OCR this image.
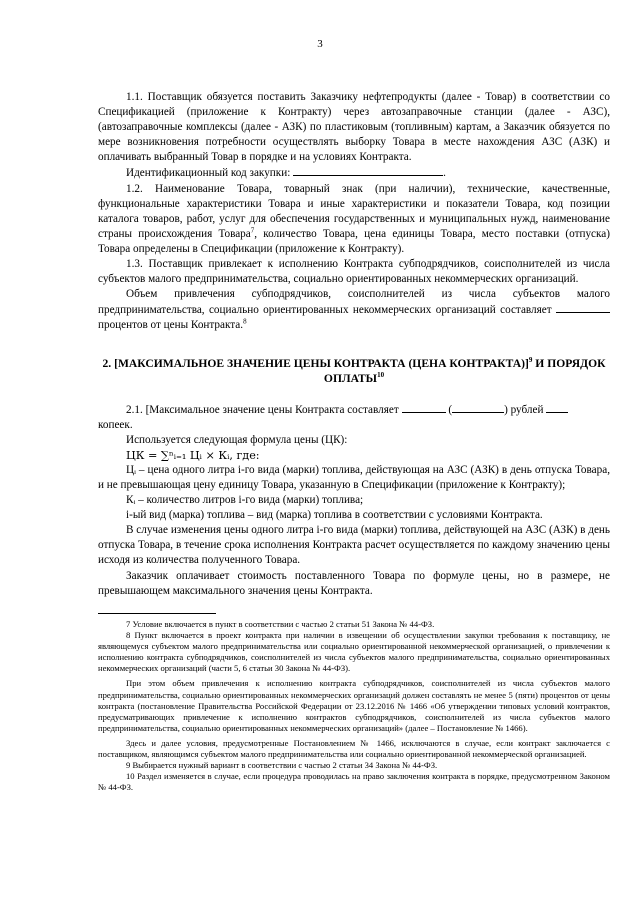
3

1.1. Поставщик обязуется поставить Заказчику нефтепродукты (далее - Товар) в соответствии со Спецификацией (приложение к Контракту) через автозаправочные станции (далее - АЗС), (автозаправочные комплексы (далее - АЗК) по пластиковым (топливным) картам, а Заказчик обязуется по мере возникновения потребности осуществлять выборку Товара в месте нахождения АЗС (АЗК) и оплачивать выбранный Товар в порядке и на условиях Контракта.

Идентификационный код закупки:	.

1.2. Наименование Товара, товарный знак (при наличии), технические, качественные, функциональные характеристики Товара и иные характеристики и показатели Товара, код позиции каталога товаров, работ, услуг для обеспечения государственных и муниципальных нужд, наименование страны происхождения Товара$^7$, количество Товара, цена единицы Товара, место поставки (отпуска) Товара определены в Спецификации (приложение к Контракту).

1.3. Поставщик привлекает к исполнению Контракта субподрядчиков, соисполнителей из числа субъектов малого предпринимательства, социально ориентированных некоммерческих организаций.

Объем привлечения субподрядчиков, соисполнителей из числа субъектов малого предпринимательства, социально ориентированных некоммерческих организаций составляет  процентов от цены Контракта.$^8$

2. [МАКСИМАЛЬНОЕ ЗНАЧЕНИЕ ЦЕНЫ КОНТРАКТА (ЦЕНА КОНТРАКТА)]$^9$ И ПОРЯДОК ОПЛАТЫ$^{10}$

2.1. [Максимальное значение цены Контракта составляет	(	) рублей

копеек.

Используется следующая формула цены (ЦК):

ЦК = ∑ⁿᵢ₌₁ Цᵢ × Кᵢ, где:

Цᵢ – цена одного литра i-го вида (марки) топлива, действующая на АЗС (АЗК) в день отпуска Товара, и не превышающая цену единицу Товара, указанную в Спецификации (приложение к Контракту);

Кᵢ – количество литров i-го вида (марки) топлива;

i-ый вид (марка) топлива – вид (марка) топлива в соответствии с условиями Контракта.

В случае изменения цены одного литра i-го вида (марки) топлива, действующей на АЗС (АЗК) в день отпуска Товара, в течение срока исполнения Контракта расчет осуществляется по каждому значению цены исходя из количества полученного Товара.

Заказчик оплачивает стоимость поставленного Товара по формуле цены, но в размере, не превышающем максимального значения цены Контракта.

7 Условие включается в пункт в соответствии с частью 2 статьи 51 Закона № 44-ФЗ.

8 Пункт включается в проект контракта при наличии в извещении об осуществлении закупки требования к поставщику, не являющемуся субъектом малого предпринимательства или социально ориентированной некоммерческой организацией, о привлечении к исполнению контракта субподрядчиков, соисполнителей из числа субъектов малого предпринимательства, социально ориентированных некоммерческих организаций (части 5, 6 статьи 30 Закона № 44-ФЗ).

При этом объем привлечения к исполнению контракта субподрядчиков, соисполнителей из числа субъектов малого предпринимательства, социально ориентированных некоммерческих организаций должен составлять не менее 5 (пяти) процентов от цены контракта (постановление Правительства Российской Федерации от 23.12.2016 № 1466 «Об утверждении типовых условий контрактов, предусматривающих привлечение к исполнению контрактов субподрядчиков, соисполнителей из числа субъектов малого предпринимательства, социально ориентированных некоммерческих организаций» (далее – Постановление № 1466).

Здесь и далее условия, предусмотренные Постановлением № 1466, исключаются в случае, если контракт заключается с поставщиком, являющимся субъектом малого предпринимательства или социально ориентированной некоммерческой организацией.

9 Выбирается нужный вариант в соответствии с частью 2 статьи 34 Закона № 44-ФЗ.

10 Раздел изменяется в случае, если процедура проводилась на право заключения контракта в порядке, предусмотренном Законом № 44-ФЗ.
